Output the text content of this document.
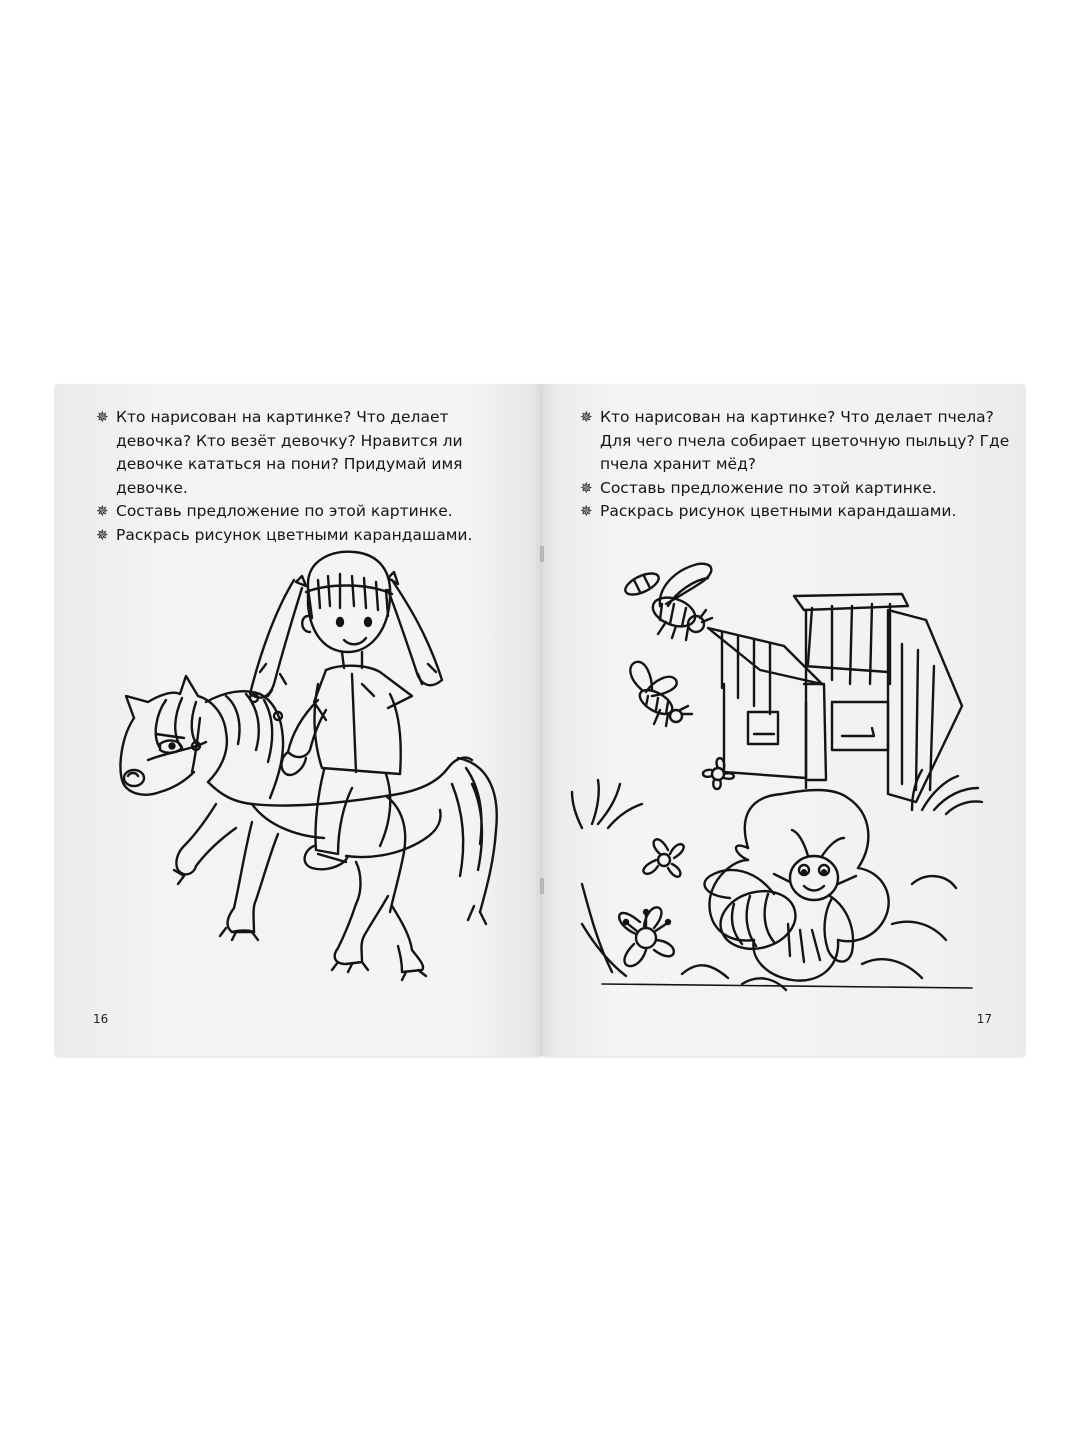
✵ Кто нарисован на картинке? Что делает девочка? Кто везёт девочку? Нравится ли девочке кататься на пони? Придумай имя девочке.
✵ Составь предложение по этой картинке.
✵ Раскрась рисунок цветными карандашами.
16
✵ Кто нарисован на картинке? Что делает пчела? Для чего пчела собирает цветочную пыльцу? Где пчела хранит мёд?
✵ Составь предложение по этой картинке.
✵ Раскрась рисунок цветными карандашами.
17
